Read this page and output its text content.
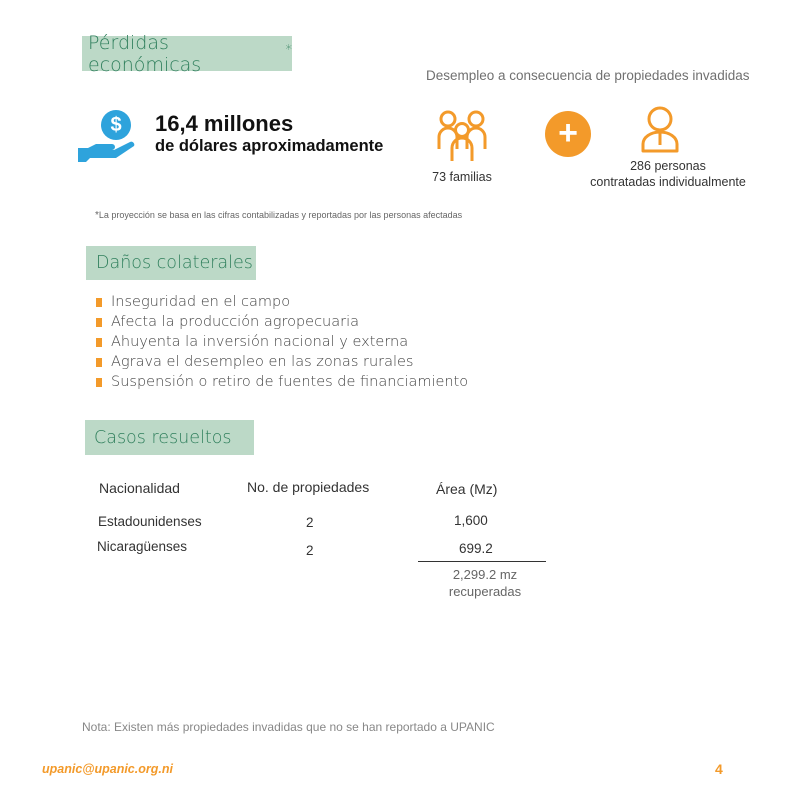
Pérdidas económicas
*
Desempleo a consecuencia de propiedades invadidas
$ 16,4 millones
de dólares aproximadamente
73 familias
+
286 personas
contratadas individualmente
*La proyección se basa en las cifras contabilizadas y reportadas por las personas afectadas
Daños colaterales
Inseguridad en el campo
Afecta la producción agropecuaria
Ahuyenta la inversión nacional y externa
Agrava el desempleo en las zonas rurales
Suspensión o retiro de fuentes de financiamiento
Casos resueltos
Nacionalidad	No. de propiedades	Área (Mz)
Estadounidenses	2	1,600
Nicaragüenses	2	699.2
2,299.2 mz
recuperadas
Nota: Existen más propiedades invadidas que no se han reportado a UPANIC
upanic@upanic.org.ni	4
